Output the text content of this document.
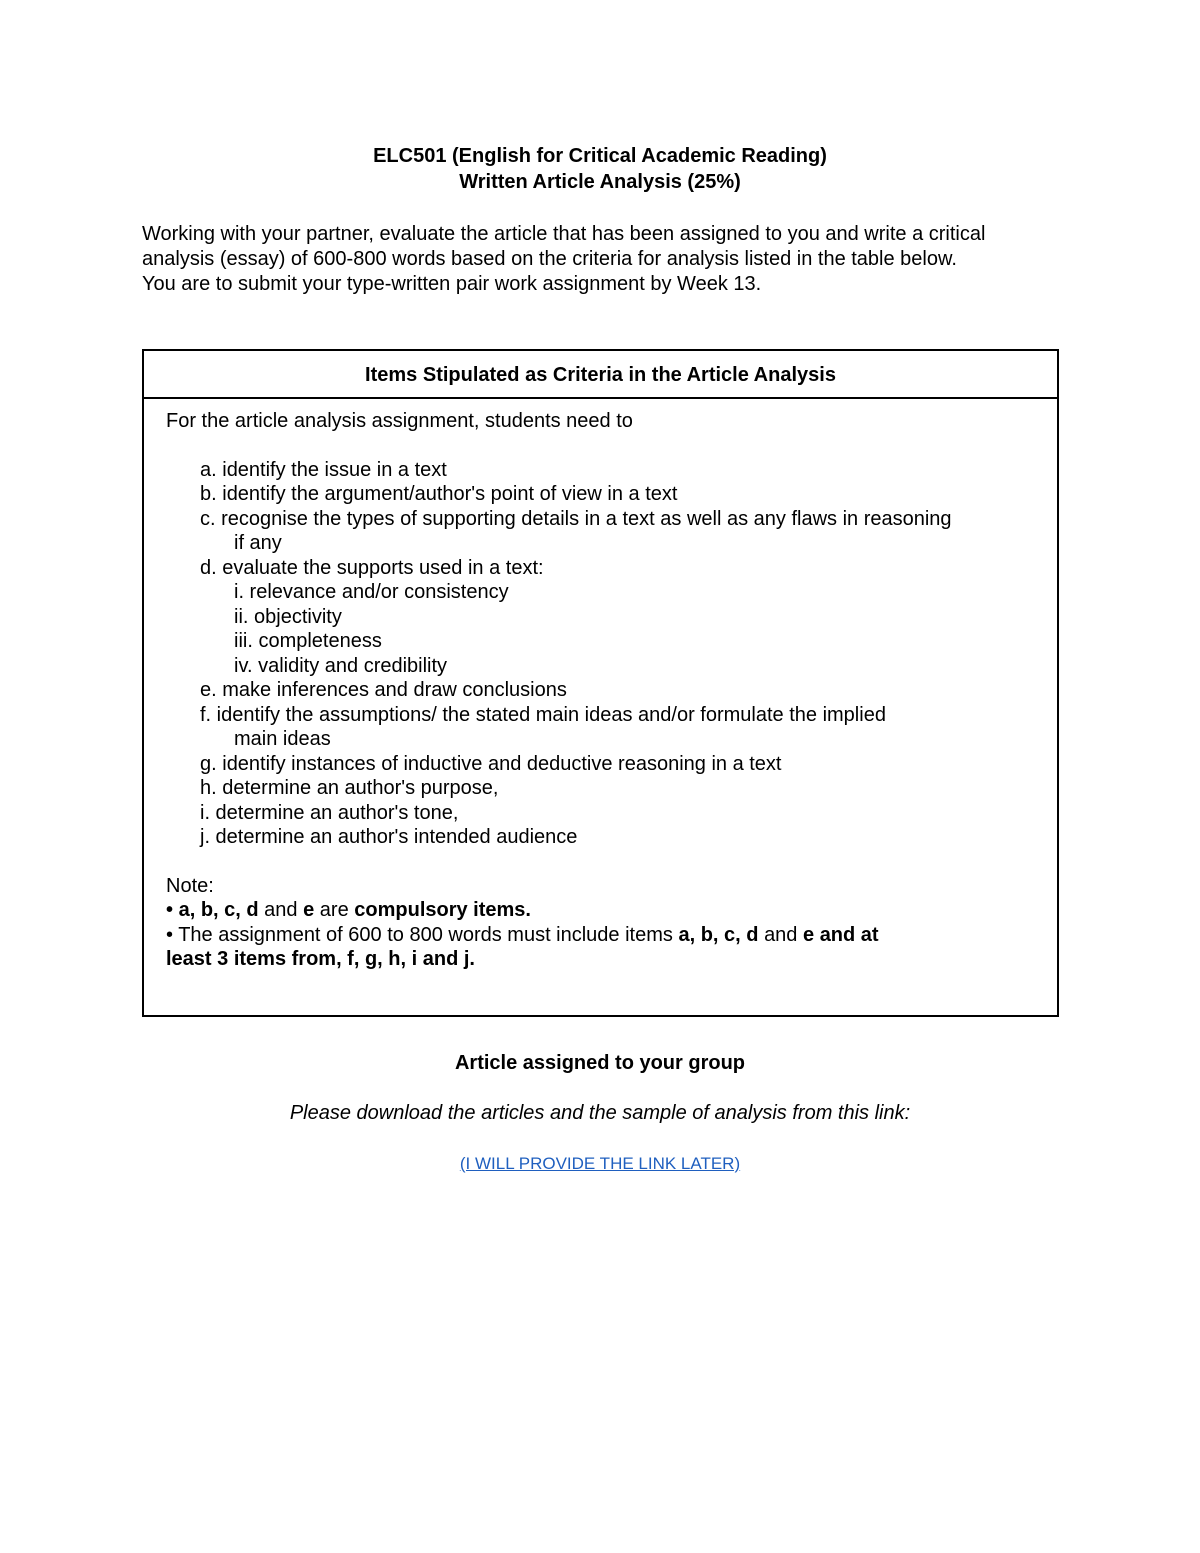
ELC501 (English for Critical Academic Reading)
Written Article Analysis (25%)
Working with your partner, evaluate the article that has been assigned to you and write a critical
analysis (essay) of 600-800 words based on the criteria for analysis listed in the table below.
You are to submit your type-written pair work assignment by Week 13.
Items Stipulated as Criteria in the Article Analysis
For the article analysis assignment, students need to
a. identify the issue in a text
b. identify the argument/author's point of view in a text
c. recognise the types of supporting details in a text as well as any flaws in reasoning
if any
d. evaluate the supports used in a text:
i. relevance and/or consistency
ii. objectivity
iii. completeness
iv. validity and credibility
e. make inferences and draw conclusions
f. identify the assumptions/ the stated main ideas and/or formulate the implied
main ideas
g. identify instances of inductive and deductive reasoning in a text
h. determine an author's purpose,
i. determine an author's tone,
j. determine an author's intended audience
Note:
• a, b, c, d and e are compulsory items.
• The assignment of 600 to 800 words must include items a, b, c, d and e and at
least 3 items from, f, g, h, i and j.
Article assigned to your group
Please download the articles and the sample of analysis from this link:
(I WILL PROVIDE THE LINK LATER)
